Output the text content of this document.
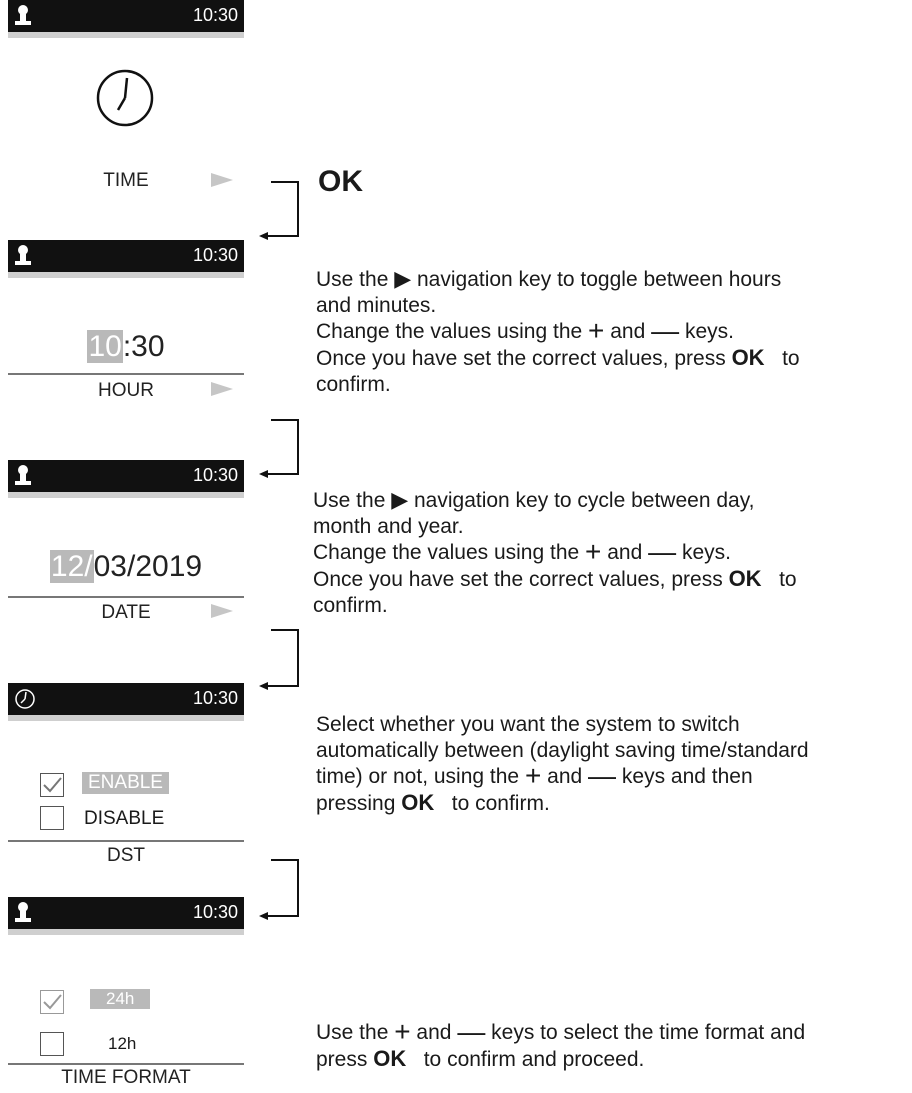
10:30
TIME
10:30
10:30
HOUR
10:30
12/03/2019
DATE
10:30
ENABLE
DISABLE
DST
10:30
24h
12h
TIME FORMAT
OK
Use the ▶ navigation key to toggle between hours
and minutes.
Change the values using the + and — keys.
Once you have set the correct values, press OK to
confirm.
Use the ▶ navigation key to cycle between day,
month and year.
Change the values using the + and — keys.
Once you have set the correct values, press OK to
confirm.
Select whether you want the system to switch
automatically between (daylight saving time/standard
time) or not, using the + and — keys and then
pressing OK to confirm.
Use the + and — keys to select the time format and
press OK to confirm and proceed.
